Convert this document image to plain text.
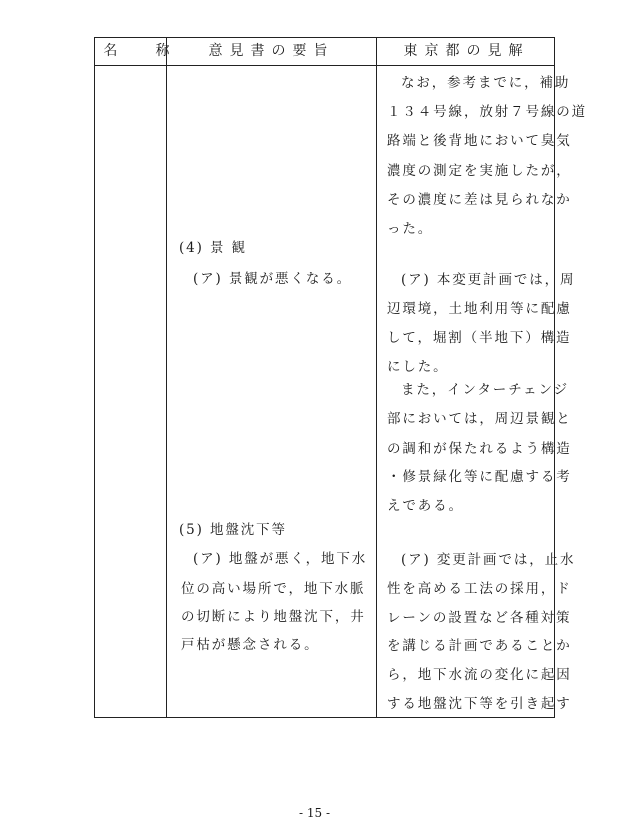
名 称	意見書の要旨	東京都の見解
(4) 景 観
(ア) 景観が悪くなる。
(5) 地盤沈下等
(ア) 地盤が悪く，地下水
位の高い場所で，地下水脈
の切断により地盤沈下，井
戸枯が懸念される。
なお，参考までに，補助
１３４号線，放射７号線の道
路端と後背地において臭気
濃度の測定を実施したが，
その濃度に差は見られなか
った。
(ア) 本変更計画では，周
辺環境，土地利用等に配慮
して，堀割（半地下）構造
にした。
また，インターチェンジ
部においては，周辺景観と
の調和が保たれるよう構造
・修景緑化等に配慮する考
えである。
(ア) 変更計画では，止水
性を高める工法の採用，ド
レーンの設置など各種対策
を講じる計画であることか
ら，地下水流の変化に起因
する地盤沈下等を引き起す
- 15 -
